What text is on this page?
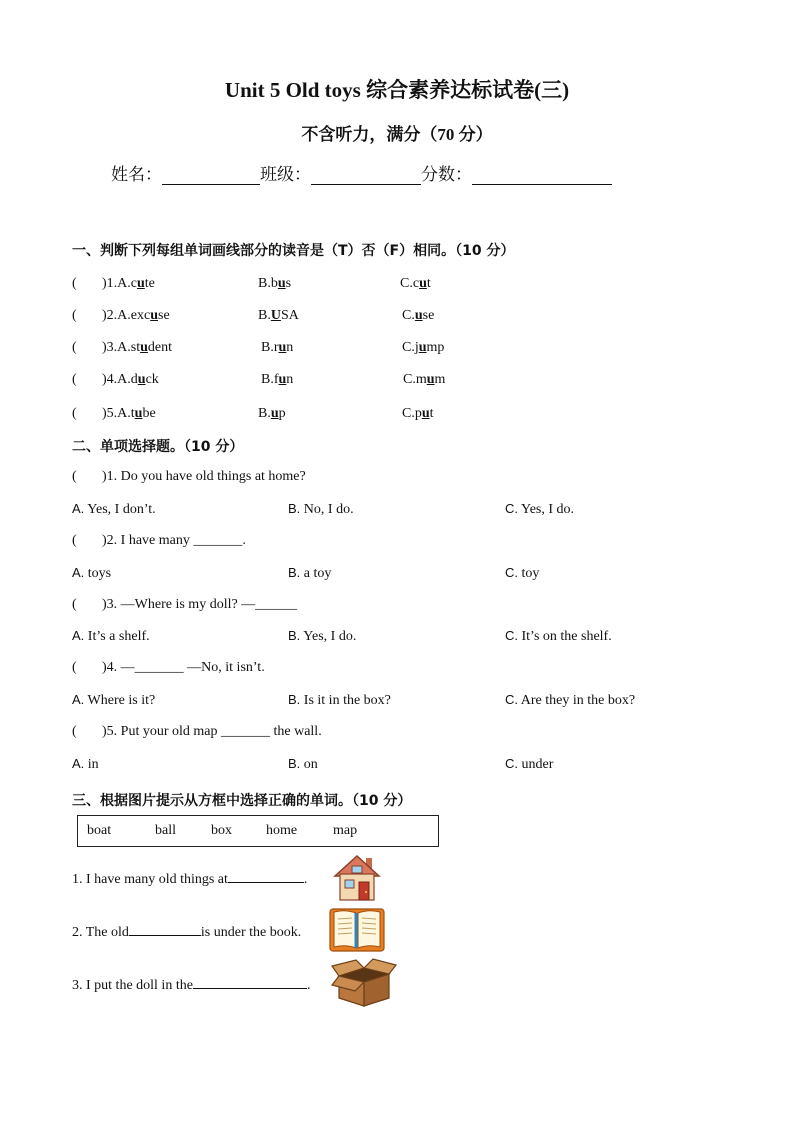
Unit 5 Old toys 综合素养达标试卷(三)
不含听力，满分（70 分）
姓名：	班级：	分数：
一、判断下列每组单词画线部分的读音是（T）否（F）相同。（10 分）
( )1.A.cute	B.bus	C.cut
( )2.A.excuse	B.USA	C.use
( )3.A.student	B.run	C.jump
( )4.A.duck	B.fun	C.mum
( )5.A.tube	B.up	C.put
二、单项选择题。（10 分）
( )1. Do you have old things at home?
A. Yes, I don’t.	B. No, I do.	C. Yes, I do.
( )2. I have many _______.
A. toys	B. a toy	C. toy
( )3. —Where is my doll? —______
A. It’s a shelf.	B. Yes, I do.	C. It’s on the shelf.
( )4. —_______ —No, it isn’t.
A. Where is it?	B. Is it in the box?	C. Are they in the box?
( )5. Put your old map _______ the wall.
A. in	B. on	C. under
三、根据图片提示从方框中选择正确的单词。（10 分）
boat	ball	box home	map
1. I have many old things at	.
2. The old	is under the book.
3. I put the doll in the	.
